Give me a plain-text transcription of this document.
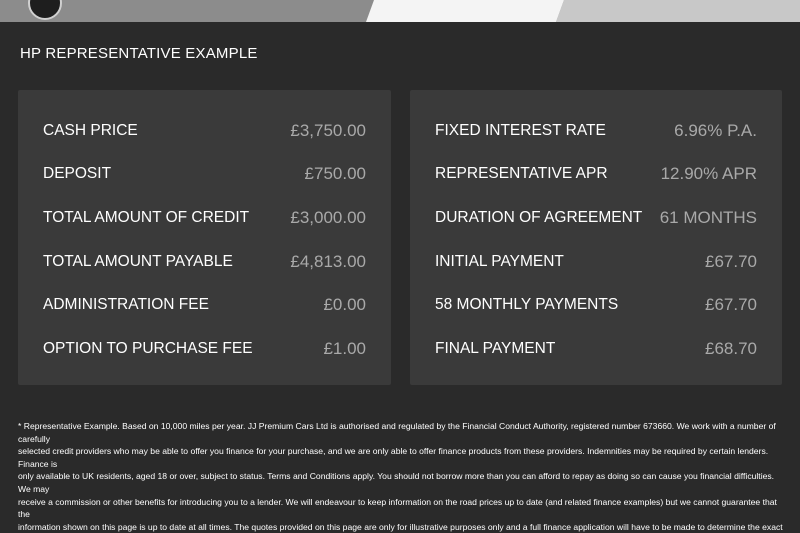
HP REPRESENTATIVE EXAMPLE
CASH PRICE	£3,750.00
DEPOSIT	£750.00
TOTAL AMOUNT OF CREDIT £3,000.00
TOTAL AMOUNT PAYABLE	£4,813.00
ADMINISTRATION FEE	£0.00
OPTION TO PURCHASE FEE	£1.00
FIXED INTEREST RATE	6.96% P.A.
REPRESENTATIVE APR	12.90% APR
DURATION OF AGREEMENT 61 MONTHS
INITIAL PAYMENT	£67.70
58 MONTHLY PAYMENTS	£67.70
FINAL PAYMENT	£68.70
* Representative Example. Based on 10,000 miles per year. JJ Premium Cars Ltd is authorised and regulated by the Financial Conduct Authority, registered number 673660. We work with a number of carefully
selected credit providers who may be able to offer you finance for your purchase, and we are only able to offer finance products from these providers. Indemnities may be required by certain lenders. Finance is
only available to UK residents, aged 18 or over, subject to status. Terms and Conditions apply. You should not borrow more than you can afford to repay as doing so can cause you financial difficulties. We may
receive a commission or other benefits for introducing you to a lender. We will endeavour to keep information on the road prices up to date (and related finance examples) but we cannot guarantee that the
information shown on this page is up to date at all times. The quotes provided on this page are only for illustrative purposes only and a full finance application will have to be made to determine the exact
